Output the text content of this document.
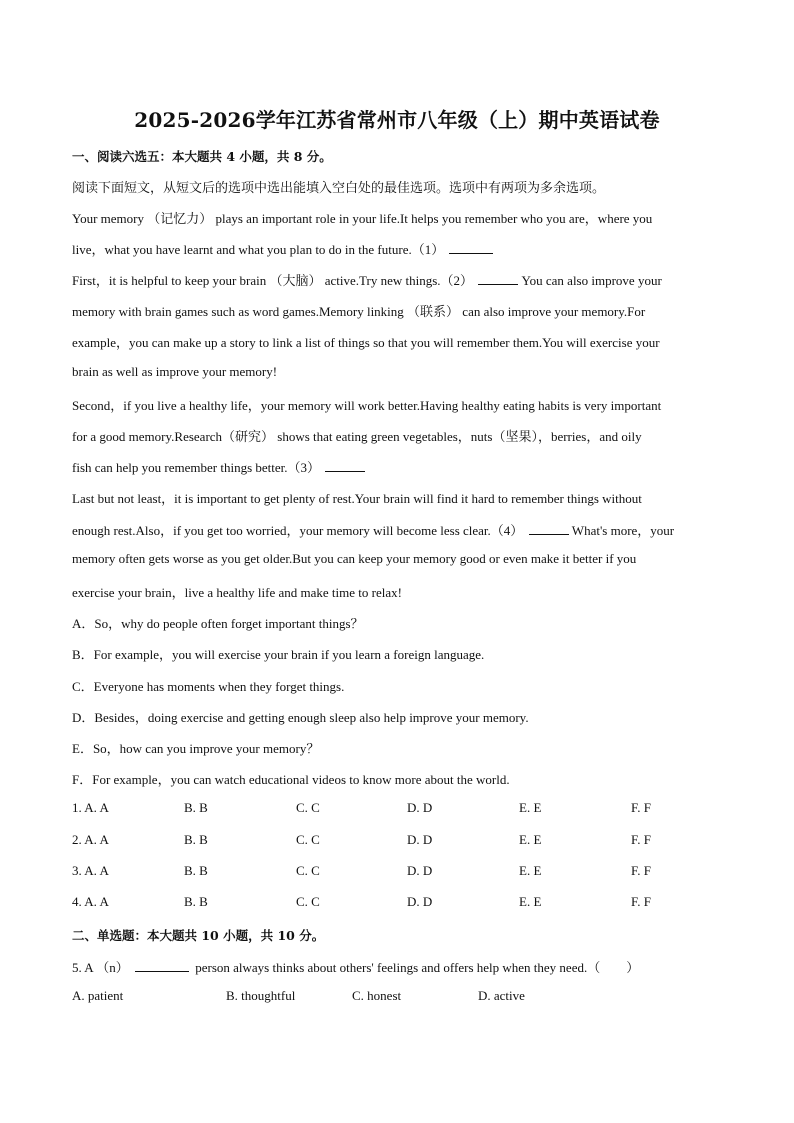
2025-2026学年江苏省常州市八年级（上）期中英语试卷
一、阅读六选五：本大题共 4 小题，共 8 分。
阅读下面短文，从短文后的选项中选出能填入空白处的最佳选项。选项中有两项为多余选项。
Your memory （记忆力） plays an important role in your life.It helps you remember who you are，where you
live，what you have learnt and what you plan to do in the future.（1）
First，it is helpful to keep your brain （大脑） active.Try new things.（2）	You can also improve your
memory with brain games such as word games.Memory linking （联系） can also improve your memory.For
example，you can make up a story to link a list of things so that you will remember them.You will exercise your
brain as well as improve your memory!
Second，if you live a healthy life，your memory will work better.Having healthy eating habits is very important
for a good memory.Research（研究） shows that eating green vegetables，nuts（坚果），berries，and oily
fish can help you remember things better.（3）
Last but not least，it is important to get plenty of rest.Your brain will find it hard to remember things without
enough rest.Also，if you get too worried，your memory will become less clear.（4）	What's more，your
memory often gets worse as you get older.But you can keep your memory good or even make it better if you
exercise your brain，live a healthy life and make time to relax!
A．So，why do people often forget important things？
B．For example，you will exercise your brain if you learn a foreign language.
C．Everyone has moments when they forget things.
D．Besides，doing exercise and getting enough sleep also help improve your memory.
E．So，how can you improve your memory？
F．For example，you can watch educational videos to know more about the world.
1. A. A	B. B	C. C	D. D	E. E	F. F
2. A. A	B. B	C. C	D. D	E. E	F. F
3. A. A	B. B	C. C	D. D	E. E	F. F
4. A. A	B. B	C. C	D. D	E. E	F. F
二、单选题：本大题共 10 小题，共 10 分。
5. A （n）	person always thinks about others' feelings and offers help when they need.（　　）
A. patient	B. thoughtful	C. honest	D. active
